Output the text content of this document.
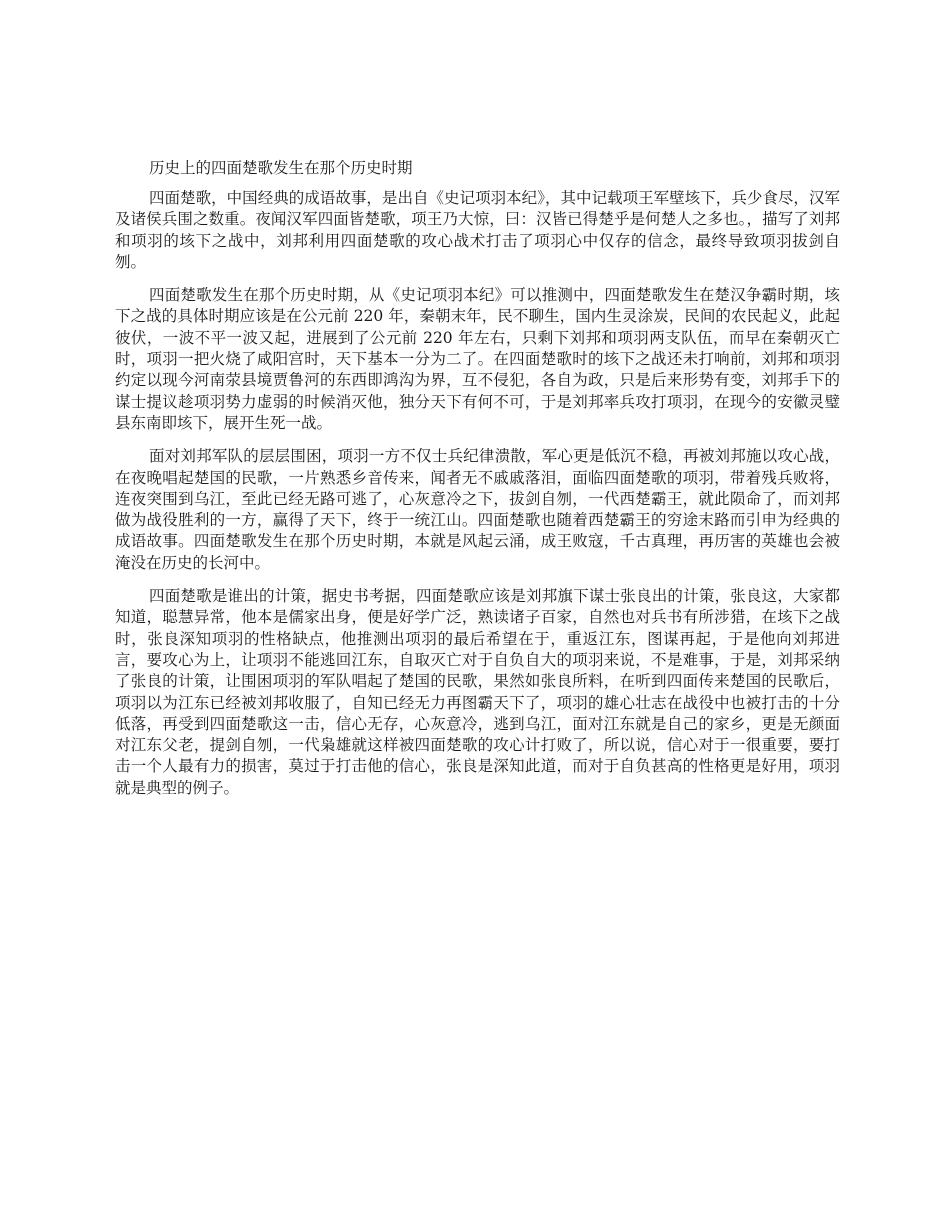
历史上的四面楚歌发生在那个历史时期

四面楚歌，中国经典的成语故事，是出自《史记项羽本纪》，其中记载项王军壁垓下，兵少食尽，汉军及诸侯兵围之数重。夜闻汉军四面皆楚歌，项王乃大惊，曰：汉皆已得楚乎是何楚人之多也。，描写了刘邦和项羽的垓下之战中，刘邦利用四面楚歌的攻心战术打击了项羽心中仅存的信念，最终导致项羽拔剑自刎。

四面楚歌发生在那个历史时期，从《史记项羽本纪》可以推测中，四面楚歌发生在楚汉争霸时期，垓下之战的具体时期应该是在公元前 220 年，秦朝末年，民不聊生，国内生灵涂炭，民间的农民起义，此起彼伏，一波不平一波又起，进展到了公元前 220 年左右，只剩下刘邦和项羽两支队伍，而早在秦朝灭亡时，项羽一把火烧了咸阳宫时，天下基本一分为二了。在四面楚歌时的垓下之战还未打响前，刘邦和项羽约定以现今河南荥县境贾鲁河的东西即鸿沟为界，互不侵犯，各自为政，只是后来形势有变，刘邦手下的谋士提议趁项羽势力虚弱的时候消灭他，独分天下有何不可，于是刘邦率兵攻打项羽，在现今的安徽灵璧县东南即垓下，展开生死一战。

面对刘邦军队的层层围困，项羽一方不仅士兵纪律溃散，军心更是低沉不稳，再被刘邦施以攻心战，在夜晚唱起楚国的民歌，一片熟悉乡音传来，闻者无不戚戚落泪，面临四面楚歌的项羽，带着残兵败将，连夜突围到乌江，至此已经无路可逃了，心灰意冷之下，拔剑自刎，一代西楚霸王，就此陨命了，而刘邦做为战役胜利的一方，赢得了天下，终于一统江山。四面楚歌也随着西楚霸王的穷途末路而引申为经典的成语故事。四面楚歌发生在那个历史时期，本就是风起云涌，成王败寇，千古真理，再历害的英雄也会被淹没在历史的长河中。

四面楚歌是谁出的计策，据史书考据，四面楚歌应该是刘邦旗下谋士张良出的计策，张良这，大家都知道，聪慧异常，他本是儒家出身，便是好学广泛，熟读诸子百家，自然也对兵书有所涉猎，在垓下之战时，张良深知项羽的性格缺点，他推测出项羽的最后希望在于，重返江东，图谋再起，于是他向刘邦进言，要攻心为上，让项羽不能逃回江东，自取灭亡对于自负自大的项羽来说，不是难事，于是，刘邦采纳了张良的计策，让围困项羽的军队唱起了楚国的民歌，果然如张良所料，在听到四面传来楚国的民歌后，项羽以为江东已经被刘邦收服了，自知已经无力再图霸天下了，项羽的雄心壮志在战役中也被打击的十分低落，再受到四面楚歌这一击，信心无存，心灰意冷，逃到乌江，面对江东就是自己的家乡，更是无颜面对江东父老，提剑自刎，一代枭雄就这样被四面楚歌的攻心计打败了，所以说，信心对于一很重要，要打击一个人最有力的损害，莫过于打击他的信心，张良是深知此道，而对于自负甚高的性格更是好用，项羽就是典型的例子。
